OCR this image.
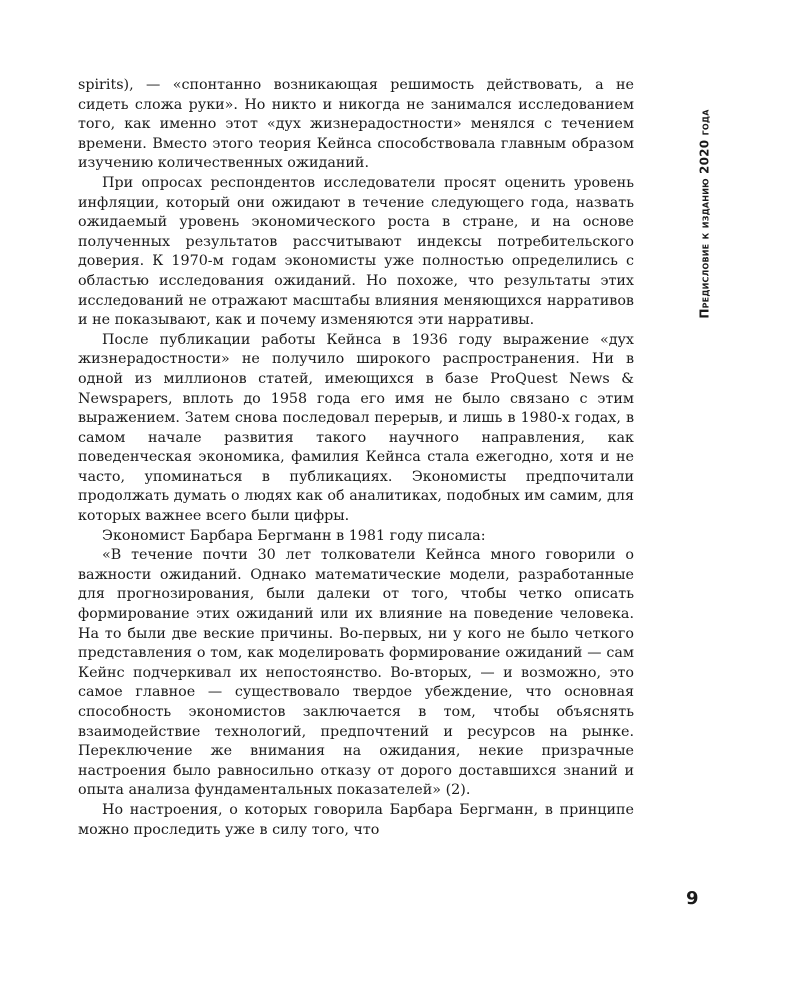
spirits), — «спонтанно возникающая решимость действовать, а не сидеть сложа руки». Но никто и никогда не занимался исследованием того, как именно этот «дух жизнерадостности» менялся с течением времени. Вместо этого теория Кейнса способствовала главным образом изучению количественных ожиданий.

При опросах респондентов исследователи просят оценить уровень инфляции, который они ожидают в течение следующего года, назвать ожидаемый уровень экономического роста в стране, и на основе полученных результатов рассчитывают индексы потребительского доверия. К 1970-м годам экономисты уже полностью определились с областью исследования ожиданий. Но похоже, что результаты этих исследований не отражают масштабы влияния меняющихся нарративов и не показывают, как и почему изменяются эти нарративы.

После публикации работы Кейнса в 1936 году выражение «дух жизнерадостности» не получило широкого распространения. Ни в одной из миллионов статей, имеющихся в базе ProQuest News & Newspapers, вплоть до 1958 года его имя не было связано с этим выражением. Затем снова последовал перерыв, и лишь в 1980-х годах, в самом начале развития такого научного направления, как поведенческая экономика, фамилия Кейнса стала ежегодно, хотя и не часто, упоминаться в публикациях. Экономисты предпочитали продолжать думать о людях как об аналитиках, подобных им самим, для которых важнее всего были цифры.

Экономист Барбара Бергманн в 1981 году писала:

«В течение почти 30 лет толкователи Кейнса много говорили о важности ожиданий. Однако математические модели, разработанные для прогнозирования, были далеки от того, чтобы четко описать формирование этих ожиданий или их влияние на поведение человека. На то были две веские причины. Во-первых, ни у кого не было четкого представления о том, как моделировать формирование ожиданий — сам Кейнс подчеркивал их непостоянство. Во-вторых, — и возможно, это самое главное — существовало твердое убеждение, что основная способность экономистов заключается в том, чтобы объяснять взаимодействие технологий, предпочтений и ресурсов на рынке. Переключение же внимания на ожидания, некие призрачные настроения было равносильно отказу от дорого доставшихся знаний и опыта анализа фундаментальных показателей» (2).

Но настроения, о которых говорила Барбара Бергманн, в принципе можно проследить уже в силу того, что

Предисловие к изданию 2020 года
9
